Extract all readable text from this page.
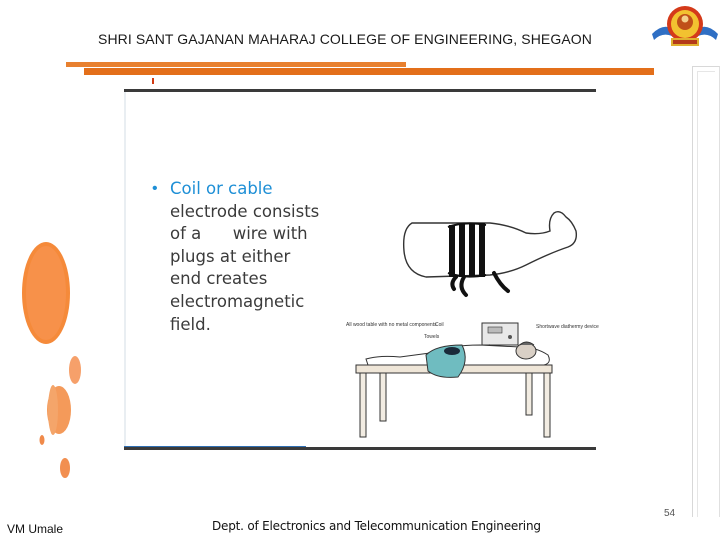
SHRI SANT GAJANAN MAHARAJ COLLEGE OF ENGINEERING, SHEGAON
• Coil or cable
electrode consists
of a      wire with
plugs at either
end creates
electromagnetic
field.	All wood table with no metal components
Coil
Towels
Shortwave diathermy device
VM Umale	Dept. of Electronics and Telecommunication Engineering
54
